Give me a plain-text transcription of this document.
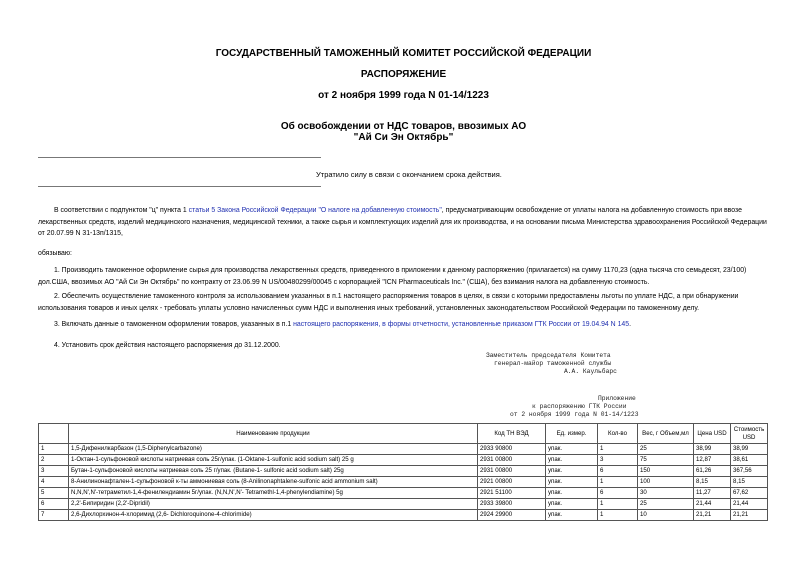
ГОСУДАРСТВЕННЫЙ ТАМОЖЕННЫЙ КОМИТЕТ РОССИЙСКОЙ ФЕДЕРАЦИИ
РАСПОРЯЖЕНИЕ
от 2 ноября 1999 года N 01-14/1223
Об освобождении от НДС товаров, ввозимых АО
"Ай Си Эн Октябрь"
Утратило силу в связи с окончанием срока действия.
В соответствии с подпунктом "ц" пункта 1 статьи 5 Закона Российской Федерации "О налоге на добавленную стоимость", предусматривающим освобождение от уплаты налога на добавленную стоимость при ввозе лекарственных средств, изделий медицинского назначения, медицинской техники, а также сырья и комплектующих изделий для их производства, и на основании письма Министерства здравоохранения Российской Федерации от 20.07.99 N 31-13п/1315,
обязываю:
1. Производить таможенное оформление сырья для производства лекарственных средств, приведенного в приложении к данному распоряжению (прилагается) на сумму 1170,23 (одна тысяча сто семьдесят, 23/100) дол.США, ввозимых АО "Ай Си Эн Октябрь" по контракту от 23.06.99 N US/00480299/00045 с корпорацией "ICN Pharmaceuticals Inc." (США), без взимания налога на добавленную стоимость.
2. Обеспечить осуществление таможенного контроля за использованием указанных в п.1 настоящего распоряжения товаров в целях, в связи с которыми предоставлены льготы по уплате НДС, а при обнаружении использования товаров и иных целях - требовать уплаты условно начисленных сумм НДС и выполнения иных требований, установленных законодательством Российской Федерации по таможенному делу.
3. Включать данные о таможенном оформлении товаров, указанных в п.1 настоящего распоряжения, в формы отчетности, установленные приказом ГТК России от 19.04.94 N 145.
4. Установить срок действия настоящего распоряжения до 31.12.2000.
Заместитель председателя Комитета
генерал-майор таможенной службы
А.А. Каульбарс
Приложение
к распоряжению ГТК России
от 2 ноября 1999 года N 01-14/1223
	Наименование продукции	Код ТН ВЭД	Ед. измер.	Кол-во	Вес, г Объем,мл	Цена USD	Стоимость USD
1	1,5-Дифенилкарбазон (1,5-Diphenylcarbazone)	2933 90800	упак.	1	25	38,99	38,99
2	1-Октан-1-сульфоновой кислоты натриевая соль 25г/упак. (1-Oktane-1-sulfonic acid sodium salt) 25 g	2931 00800	упак.	3	75	12,87	38,61
3	Бутан-1-сульфоновой кислоты натриевая соль 25 г/упак. (Butane-1- sulfonic acid sodium salt) 25g	2931 00800	упак.	6	150	61,26	367,56
4	8-Анилинонафтален-1-сульфоновой к-ты аммониевая соль (8-Anilinonaphtalene-sulfonic acid ammonium salt)	2921 00800	упак.	1	100	8,15	8,15
5	N,N,N',N'-тетраметил-1,4-фенилендиамин 5г/упак. (N,N,N',N'- Tetramethl-1,4-phenylendiamine) 5g	2921 51100	упак.	6	30	11,27	67,62
6	2,2'-Бипиридин (2,2'-Dipridil)	2933 39800	упак.	1	25	21,44	21,44
7	2,6-Дихлорхинон-4-хлоримид (2,6- Dichloroquinone-4-chlorimide)	2924 29900	упак.	1	10	21,21	21,21
